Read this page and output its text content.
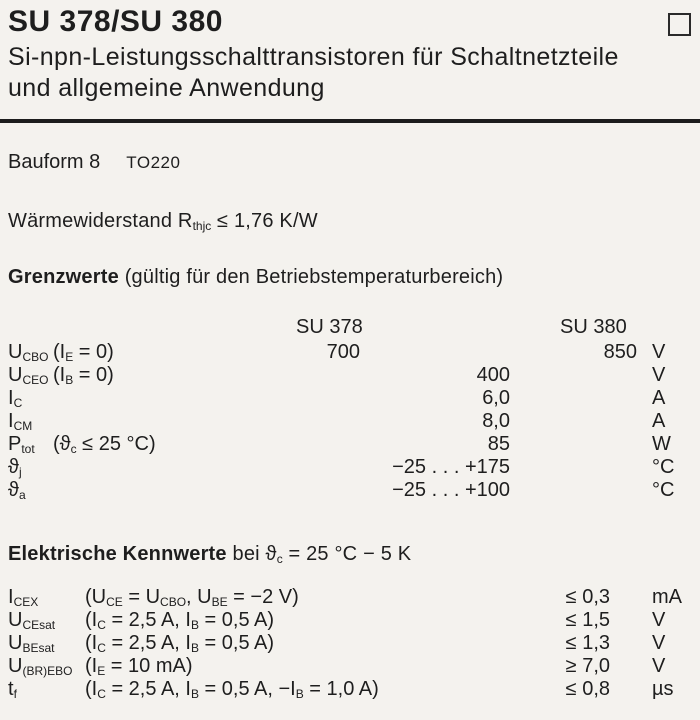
SU 378/SU 380
Si-npn-Leistungsschalttransistoren für Schaltnetzteile
und allgemeine Anwendung
Bauform 8 TO220
Wärmewiderstand $R_{thjc} \le 1,76$ K/W
Grenzwerte (gültig für den Betriebstemperaturbereich)
SU 378	SU 380
$U_{CBO}$ $(I_E = 0)$	700	850 V
$U_{CEO}$ $(I_B = 0)$	400	V
$I_C$	6,0	A
$I_{CM}$	8,0	A
$P_{tot}$ ($ϑ_c \le 25$ °C)	85	W
$ϑ_j$	−25 . . . +175	°C
$ϑ_a$	−25 . . . +100	°C
Elektrische Kennwerte bei $ϑ_c = 25$ °C − 5 K
$I_{CEX}$ ($U_{CE} = U_{CBO}$, $U_{BE} = -2$ V)	≤ 0,3 mA
$U_{CEsat}$ ($I_C = 2,5$ A, $I_B = 0,5$ A)	≤ 1,5 V
$U_{BEsat}$ ($I_C = 2,5$ A, $I_B = 0,5$ A)	≤ 1,3 V
$U_{(BR)EBO}$ ($I_E = 10$ mA)	≥ 7,0 V
$t_f$	($I_C = 2,5$ A, $I_B = 0,5$ A, $-I_B = 1,0$ A)	≤ 0,8 µs
